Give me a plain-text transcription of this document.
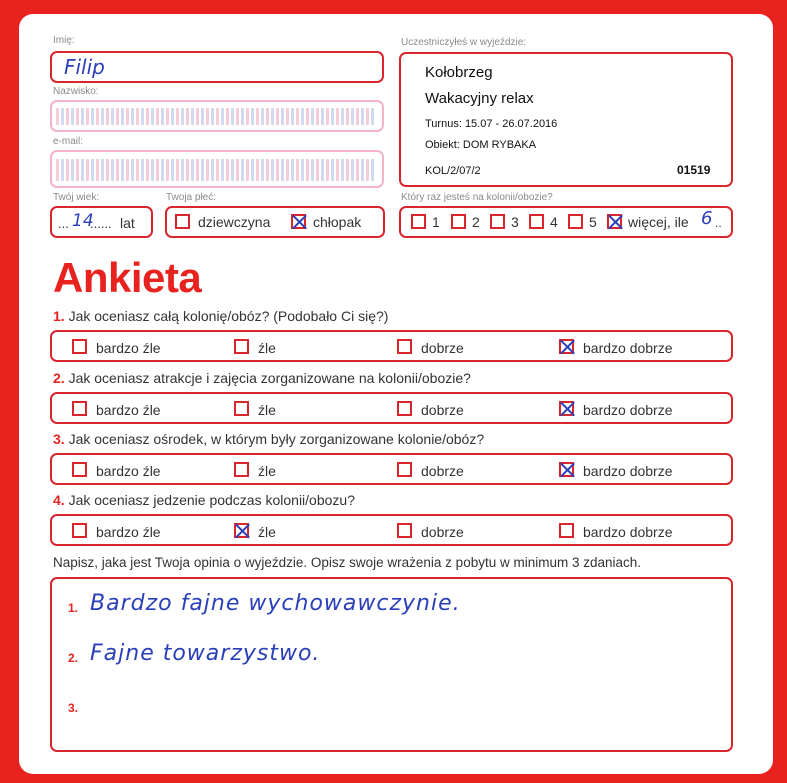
Imię:
Filip
Nazwisko:
e-mail:
Uczestniczyłeś w wyjeździe:
Kołobrzeg
Wakacyjny relax
Turnus: 15.07 - 26.07.2016
Obiekt: DOM RYBAKA
KOL/2/07/2	01519
Twój wiek:
... 14
...... lat
Twoja płeć:
dziewczyna	chłopak
Który raz jesteś na kolonii/obozie?
1 2 3 4 5 więcej, ile 6 ..
Ankieta
1. Jak oceniasz całą kolonię/obóz? (Podobało Ci się?)
bardzo źle	źle	dobrze	bardzo dobrze
2. Jak oceniasz atrakcje i zajęcia zorganizowane na kolonii/obozie?
bardzo źle	źle	dobrze	bardzo dobrze
3. Jak oceniasz ośrodek, w którym były zorganizowane kolonie/obóz?
bardzo źle	źle	dobrze	bardzo dobrze
4. Jak oceniasz jedzenie podczas kolonii/obozu?
bardzo źle	źle	dobrze	bardzo dobrze
Napisz, jaka jest Twoja opinia o wyjeździe. Opisz swoje wrażenia z pobytu w minimum 3 zdaniach.
1. Bardzo fajne wychowawczynie.
2. Fajne towarzystwo.
3.
